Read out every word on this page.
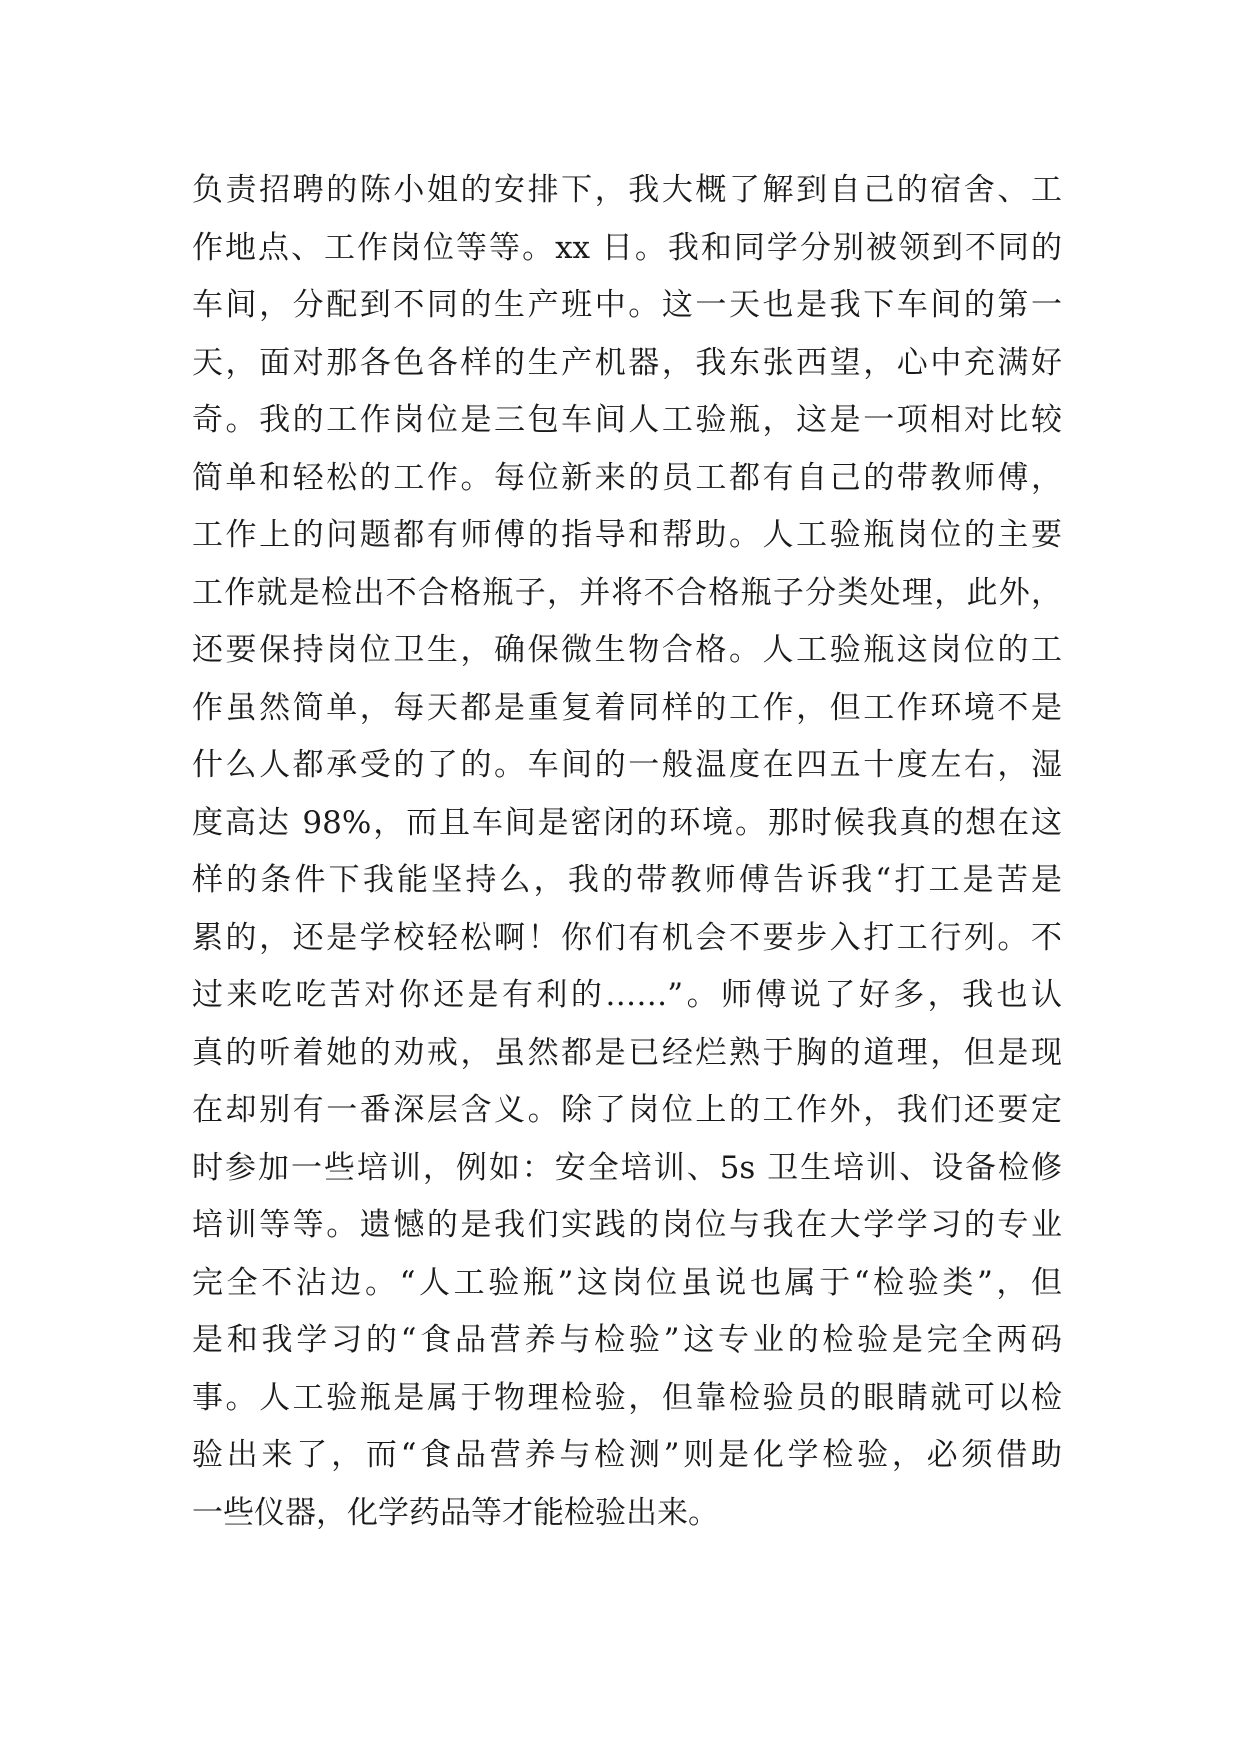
负责招聘的陈小姐的安排下，我大概了解到自己的宿舍、工
作地点、工作岗位等等。xx 日。我和同学分别被领到不同的
车间，分配到不同的生产班中。这一天也是我下车间的第一
天，面对那各色各样的生产机器，我东张西望，心中充满好
奇。我的工作岗位是三包车间人工验瓶，这是一项相对比较
简单和轻松的工作。每位新来的员工都有自己的带教师傅，
工作上的问题都有师傅的指导和帮助。人工验瓶岗位的主要
工作就是检出不合格瓶子，并将不合格瓶子分类处理，此外，
还要保持岗位卫生，确保微生物合格。人工验瓶这岗位的工
作虽然简单，每天都是重复着同样的工作，但工作环境不是
什么人都承受的了的。车间的一般温度在四五十度左右，湿
度高达 98%，而且车间是密闭的环境。那时候我真的想在这
样的条件下我能坚持么，我的带教师傅告诉我“打工是苦是
累的，还是学校轻松啊！你们有机会不要步入打工行列。不
过来吃吃苦对你还是有利的……”。师傅说了好多，我也认
真的听着她的劝戒，虽然都是已经烂熟于胸的道理，但是现
在却别有一番深层含义。除了岗位上的工作外，我们还要定
时参加一些培训，例如：安全培训、5s 卫生培训、设备检修
培训等等。遗憾的是我们实践的岗位与我在大学学习的专业
完全不沾边。“人工验瓶”这岗位虽说也属于“检验类”，但
是和我学习的“食品营养与检验”这专业的检验是完全两码
事。人工验瓶是属于物理检验，但靠检验员的眼睛就可以检
验出来了，而“食品营养与检测”则是化学检验，必须借助
一些仪器，化学药品等才能检验出来。
